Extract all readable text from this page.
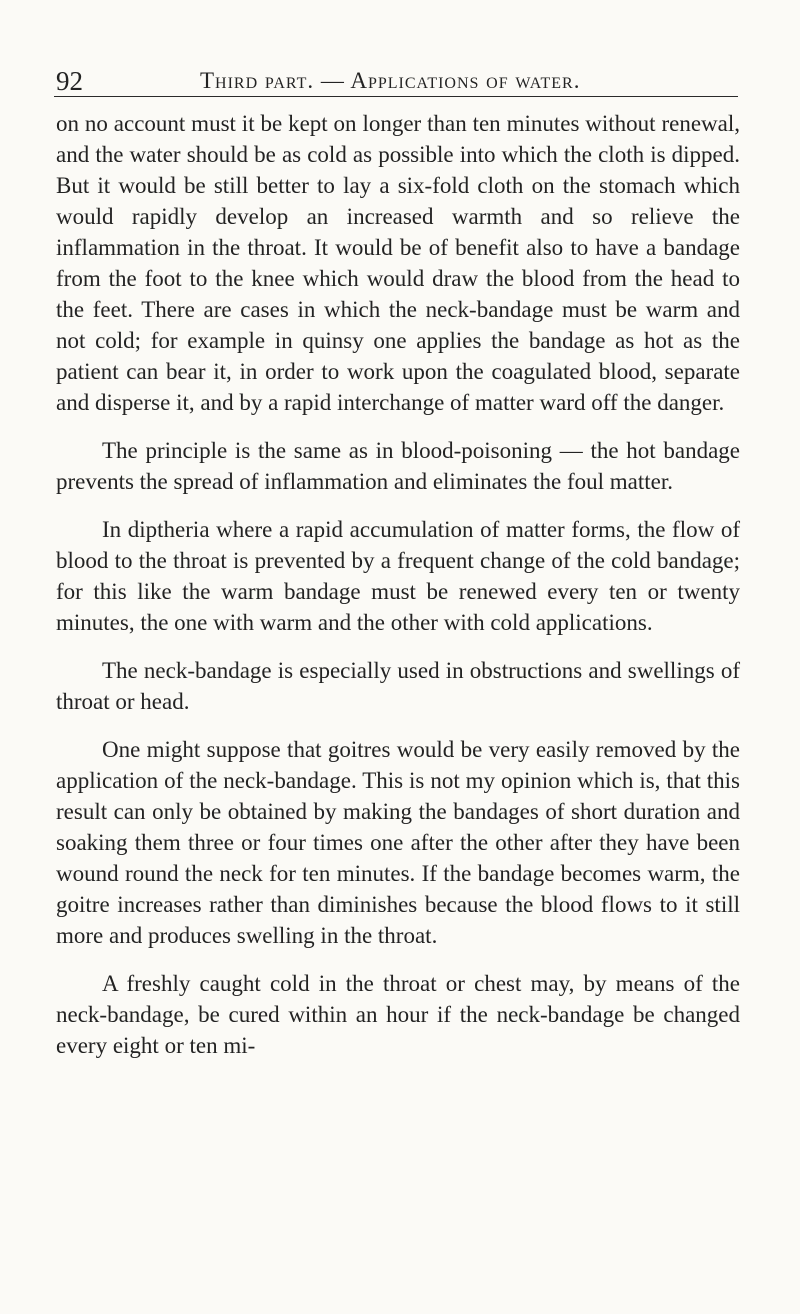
92	Third part. — Applications of water.

on no account must it be kept on longer than ten minutes without renewal, and the water should be as cold as possible into which the cloth is dipped. But it would be still better to lay a six-fold cloth on the stomach which would rapidly develop an increased warmth and so relieve the inflammation in the throat. It would be of benefit also to have a bandage from the foot to the knee which would draw the blood from the head to the feet. There are cases in which the neck-bandage must be warm and not cold; for example in quinsy one applies the bandage as hot as the patient can bear it, in order to work upon the coagulated blood, separate and disperse it, and by a rapid interchange of matter ward off the danger.

The principle is the same as in blood-poisoning — the hot bandage prevents the spread of inflammation and eliminates the foul matter.

In diptheria where a rapid accumulation of matter forms, the flow of blood to the throat is prevented by a frequent change of the cold bandage; for this like the warm bandage must be renewed every ten or twenty minutes, the one with warm and the other with cold applications.

The neck-bandage is especially used in obstructions and swellings of throat or head.

One might suppose that goitres would be very easily removed by the application of the neck-bandage. This is not my opinion which is, that this result can only be obtained by making the bandages of short duration and soaking them three or four times one after the other after they have been wound round the neck for ten minutes. If the bandage becomes warm, the goitre increases rather than diminishes because the blood flows to it still more and produces swelling in the throat.

A freshly caught cold in the throat or chest may, by means of the neck-bandage, be cured within an hour if the neck-bandage be changed every eight or ten mi-
